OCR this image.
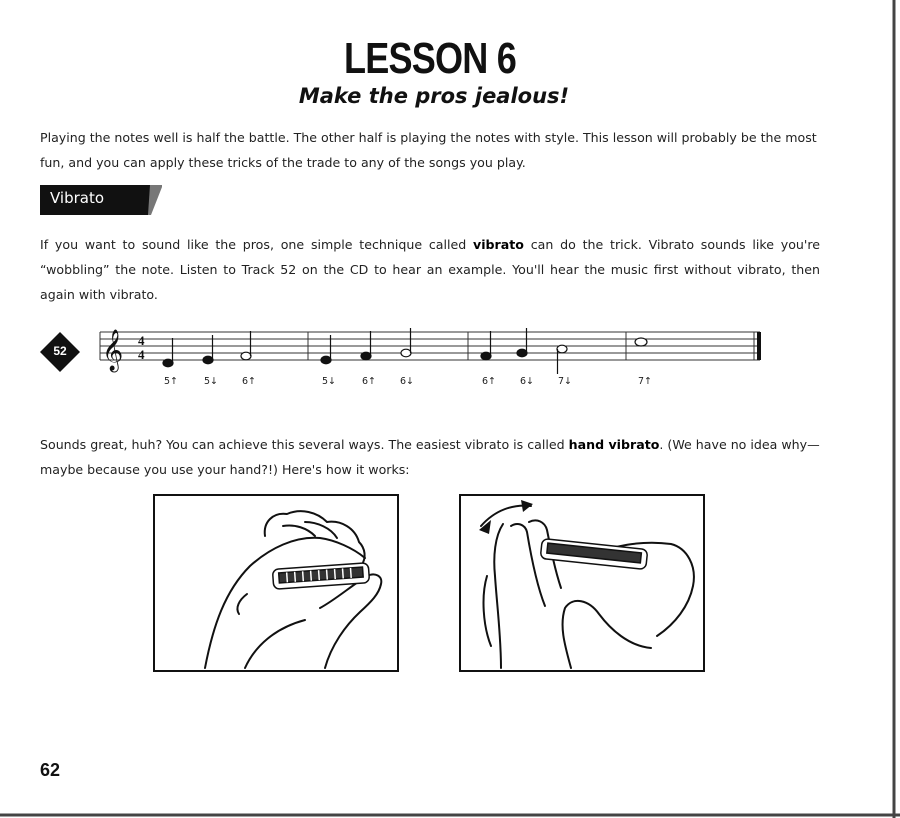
LESSON 6

Make the pros jealous!

Playing the notes well is half the battle. The other half is playing the notes with style. This lesson will probably be the most fun, and you can apply these tricks of the trade to any of the songs you play.

Vibrato

If you want to sound like the pros, one simple technique called vibrato can do the trick. Vibrato sounds like you're “wobbling” the note. Listen to Track 52 on the CD to hear an example. You'll hear the music first without vibrato, then again with vibrato.

52 𝄞 4
4
5↑	5↓	6↑	5↓	6↑	6↓	6↑	6↓	7↓	7↑

Sounds great, huh? You can achieve this several ways. The easiest vibrato is called hand vibrato. (We have no idea why—maybe because you use your hand?!) Here's how it works:

62
